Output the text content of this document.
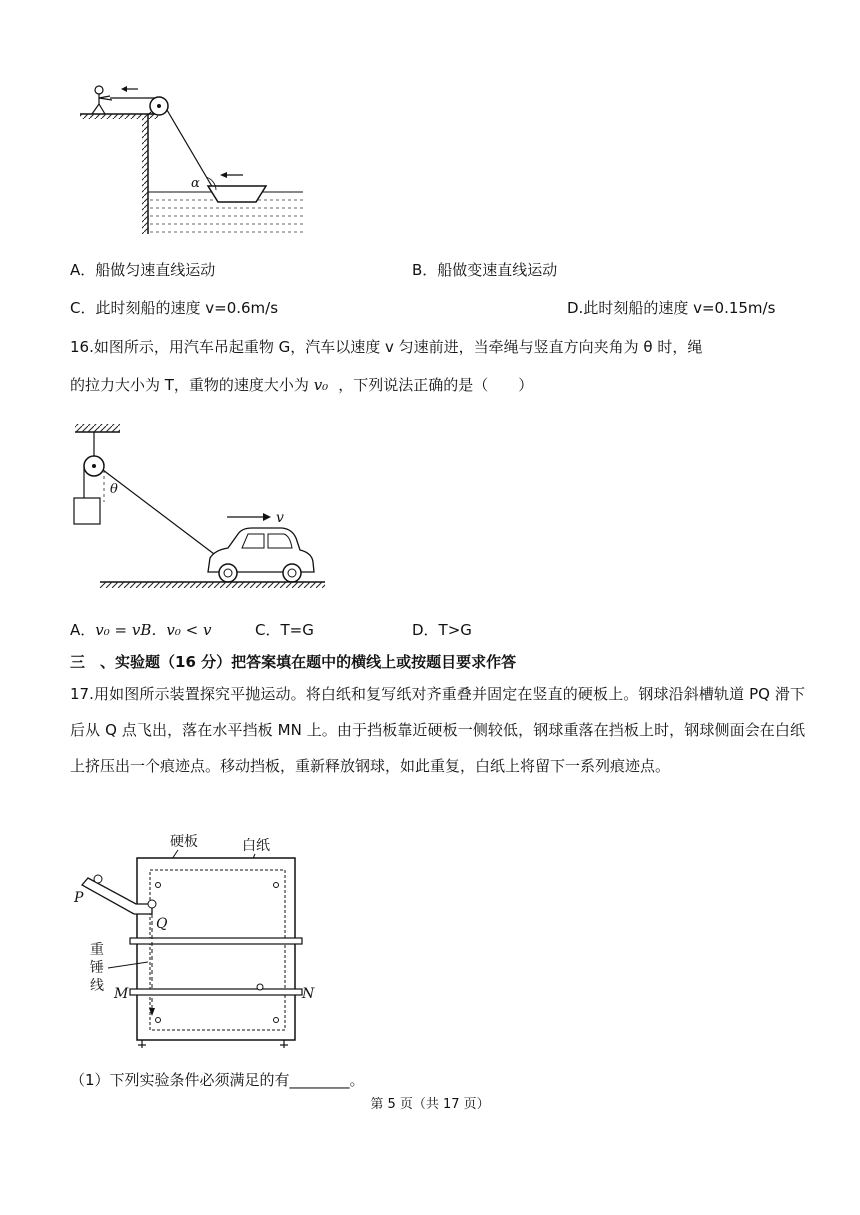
α
A．船做匀速直线运动	B．船做变速直线运动
C．此时刻船的速度 v=0.6m/s	D.此时刻船的速度 v=0.15m/s
16.如图所示，用汽车吊起重物 G，汽车以速度 v 匀速前进，当牵绳与竖直方向夹角为 θ 时，绳
的拉力大小为 T，重物的速度大小为 v₀ ，下列说法正确的是（　　）
θ
v
A．v₀ = vB．v₀ < v	C．T=G	D．T>G
三　、实验题（16 分）把答案填在题中的横线上或按题目要求作答
17.用如图所示装置探究平抛运动。将白纸和复写纸对齐重叠并固定在竖直的硬板上。钢球沿斜槽轨道 PQ 滑下后从 Q 点飞出，落在水平挡板 MN 上。由于挡板靠近硬板一侧较低，钢球重落在挡板上时，钢球侧面会在白纸上挤压出一个痕迹点。移动挡板，重新释放钢球，如此重复，白纸上将留下一系列痕迹点。
硬板	白纸
P
Q
重
锤
线 M	N
（1）下列实验条件必须满足的有________。
第 5 页（共 17 页）
